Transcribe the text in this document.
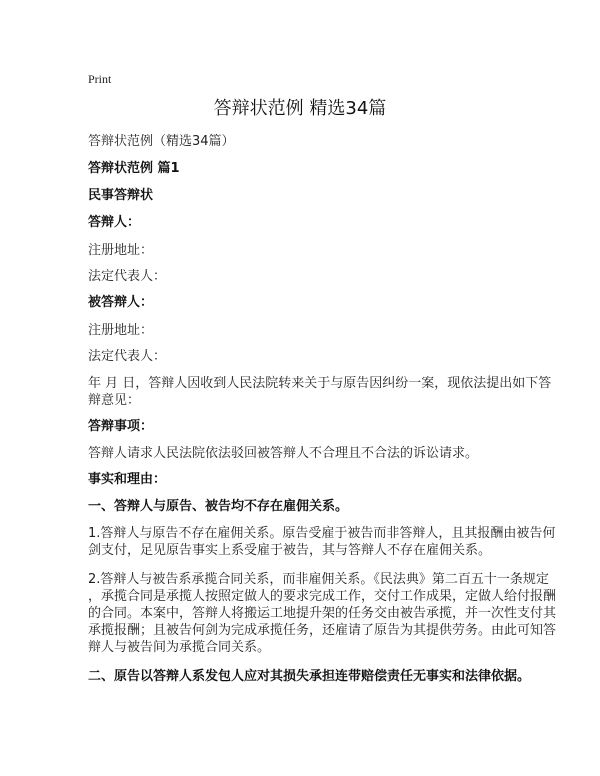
Print
答辩状范例 精选34篇
答辩状范例（精选34篇）
答辩状范例 篇1
民事答辩状
答辩人：
注册地址：
法定代表人：
被答辩人：
注册地址：
法定代表人：
年 月 日，答辩人因收到人民法院转来关于与原告因纠纷一案，现依法提出如下答
辩意见：
答辩事项：
答辩人请求人民法院依法驳回被答辩人不合理且不合法的诉讼请求。
事实和理由：
一、答辩人与原告、被告均不存在雇佣关系。
1.答辩人与原告不存在雇佣关系。原告受雇于被告而非答辩人，且其报酬由被告何
剑支付，足见原告事实上系受雇于被告，其与答辩人不存在雇佣关系。
2.答辩人与被告系承揽合同关系，而非雇佣关系。《民法典》第二百五十一条规定
，承揽合同是承揽人按照定做人的要求完成工作，交付工作成果，定做人给付报酬
的合同。本案中，答辩人将搬运工地提升架的任务交由被告承揽，并一次性支付其
承揽报酬；且被告何剑为完成承揽任务，还雇请了原告为其提供劳务。由此可知答
辩人与被告间为承揽合同关系。
二、原告以答辩人系发包人应对其损失承担连带赔偿责任无事实和法律依据。
